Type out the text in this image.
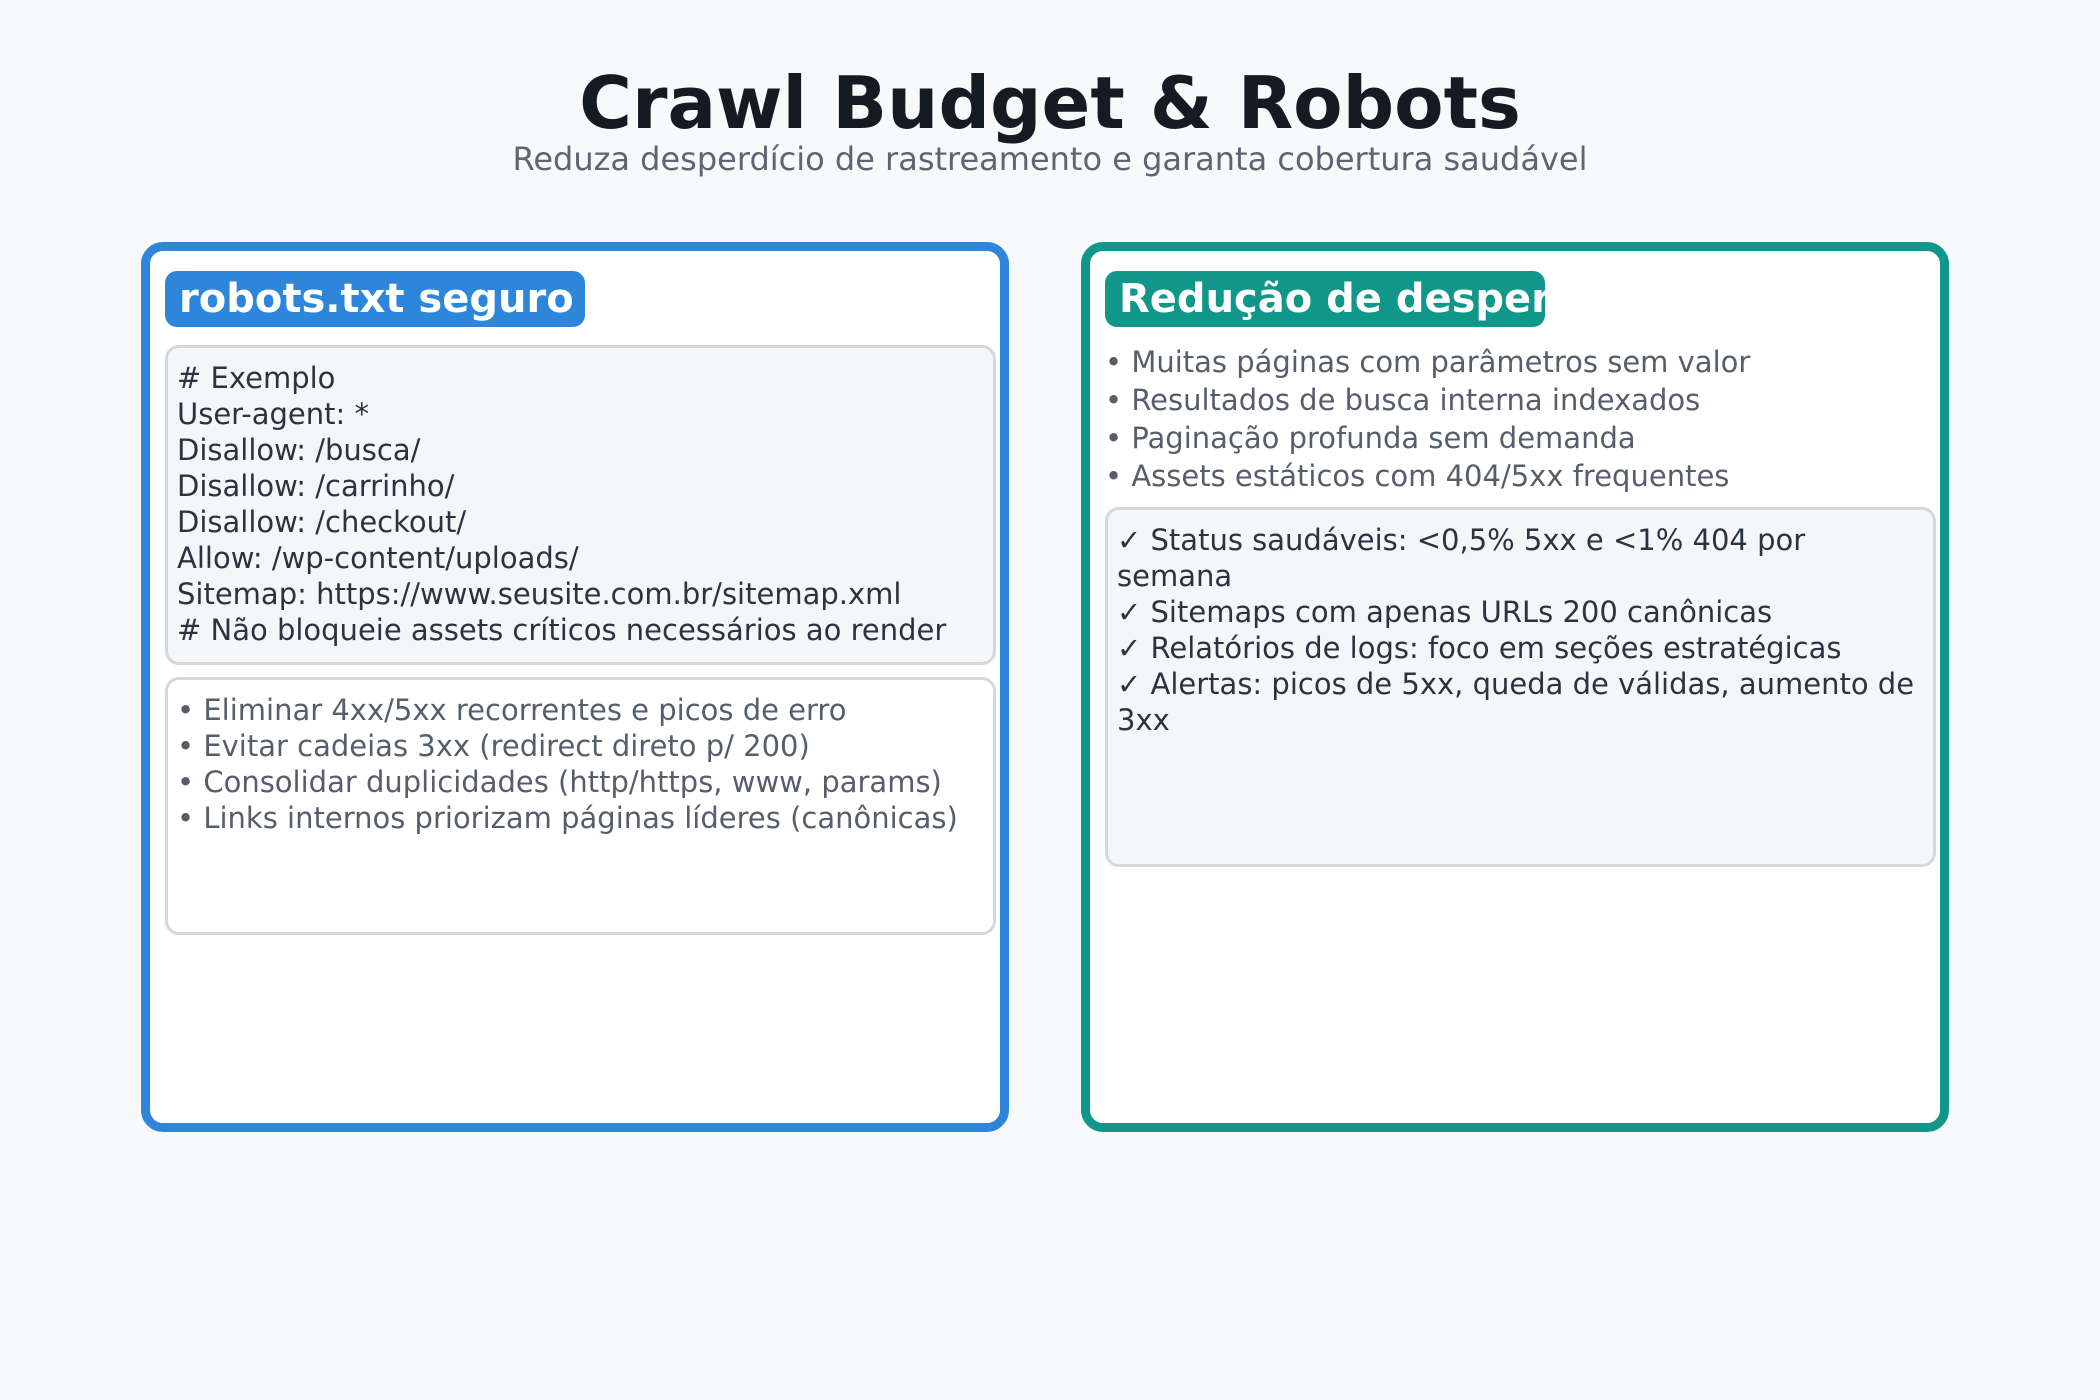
Crawl Budget & Robots
Reduza desperdício de rastreamento e garanta cobertura saudável
robots.txt seguro
# Exemplo
User-agent: *
Disallow: /busca/
Disallow: /carrinho/
Disallow: /checkout/
Allow: /wp-content/uploads/
Sitemap: https://www.seusite.com.br/sitemap.xml
# Não bloqueie assets críticos necessários ao render
• Eliminar 4xx/5xx recorrentes e picos de erro
• Evitar cadeias 3xx (redirect direto p/ 200)
• Consolidar duplicidades (http/https, www, params)
• Links internos priorizam páginas líderes (canônicas)
Redução de desperdício
• Muitas páginas com parâmetros sem valor
• Resultados de busca interna indexados
• Paginação profunda sem demanda
• Assets estáticos com 404/5xx frequentes
✓ Status saudáveis: <0,5% 5xx e <1% 404 por semana
✓ Sitemaps com apenas URLs 200 canônicas
✓ Relatórios de logs: foco em seções estratégicas
✓ Alertas: picos de 5xx, queda de válidas, aumento de 3xx
